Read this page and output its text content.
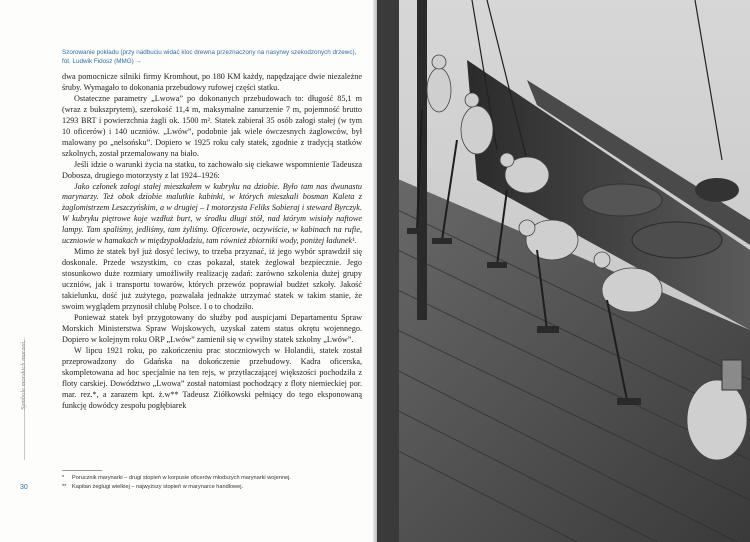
Szorowanie pokładu (przy nadbuciu widać kloc drewna przeznaczony na nasyrwy szekodzonych drzewc), fot. Ludwik Fidosz (MMG) →

dwa pomocnicze silniki firmy Kromhout, po 180 KM każdy, napędzające dwie niezależne śruby. Wymagało to dokonania przebudowy rufowej części statku.

Ostateczne parametry „Lwowa” po dokonanych przebudowach to: długość 85,1 m (wraz z bukszprytem), szerokość 11,4 m, maksymalne zanurzenie 7 m, pojemność brutto 1293 BRT i powierzchnia żagli ok. 1500 m². Statek zabierał 35 osób załogi stałej (w tym 10 oficerów) i 140 uczniów. „Lwów”, podobnie jak wiele ówczesnych żaglowców, był malowany po „nelsońsku”. Dopiero w 1925 roku cały statek, zgodnie z tradycją statków szkolnych, został przemalowany na biało.

Jeśli idzie o warunki życia na statku, to zachowało się ciekawe wspomnienie Tadeusza Dobosza, drugiego motorzysty z lat 1924–1926:

Jako członek załogi stałej mieszkałem w kubryku na dziobie. Było tam nas dwunastu marynarzy. Też obok dziobie malutkie kabinki, w których mieszkali bosman Kaleta z żaglomistrzem Leszczyńskim, a w drugiej – I motorzysta Feliks Sobieraj i steward Byrczyk. W kubryku piętrowe koje wzdłuż burt, w środku długi stół, nad którym wisiały naftowe lampy. Tam spaliśmy, jedliśmy, tam żyliśmy. Oficerowie, oczywiście, w kabinach na rufie, uczniowie w hamakach w międzypokładziu, tam również zbiorniki wody, poniżej ładunek¹.

Mimo że statek był już dosyć leciwy, to trzeba przyznać, iż jego wybór sprawdził się doskonale. Przede wszystkim, co czas pokazał, statek żeglował bezpiecznie. Jego stosunkowo duże rozmiary umożliwiły realizację zadań: zarówno szkolenia dużej grupy uczniów, jak i transportu towarów, których przewóz poprawiał budżet szkoły. Jakość takielunku, dość już zużytego, pozwalała jednakże utrzymać statek w takim stanie, że swoim wyglądem przynosił chlubę Polsce. I o to chodziło.

Ponieważ statek był przygotowany do służby pod auspicjami Departamentu Spraw Morskich Ministerstwa Spraw Wojskowych, uzyskał zatem status okrętu wojennego. Dopiero w kolejnym roku ORP „Lwów” zamienił się w cywilny statek szkolny „Lwów”.

W lipcu 1921 roku, po zakończeniu prac stoczniowych w Holandii, statek został przeprowadzony do Gdańska na dokończenie przebudowy. Kadra oficerska, skompletowana ad hoc specjalnie na ten rejs, w przytłaczającej większości pochodziła z floty carskiej. Dowództwo „Lwowa” został natomiast pochodzący z floty niemieckiej por. mar. rez.*, a zarazem kpt. ż.w** Tadeusz Ziółkowski pełniący do tego eksponowaną funkcję dowódcy zespołu pogłębiarek

Symbole morskich marzeń...
30
* Porucznik marynarki – drugi stopień w korpusie oficerów młodszych marynarki wojennej.
** Kapitan żeglugi wielkiej – najwyższy stopień w marynarce handlowej.
